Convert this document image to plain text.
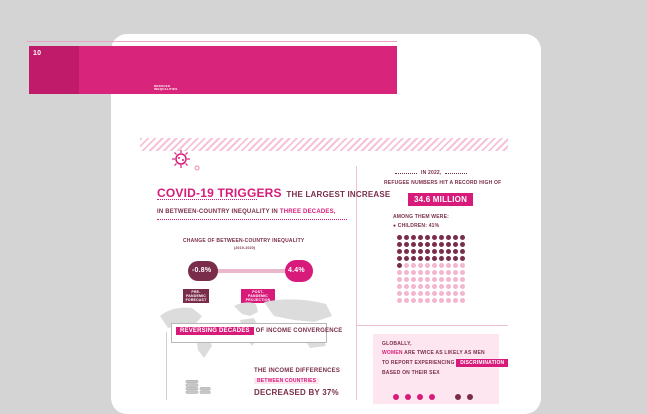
10
REDUCED INEQUALITIES
REDUCE INEQUALITY WITHIN AND
AMONG COUNTRIES
COVID-19 TRIGGERS THE LARGEST INCREASE
IN BETWEEN-COUNTRY INEQUALITY IN THREE DECADES,
CHANGE OF BETWEEN-COUNTRY INEQUALITY
(2019-2020)
-0.8%	4.4%
PRE-PANDEMIC FORECAST
POST-PANDEMIC PROJECTION
REVERSING DECADES OF INCOME CONVERGENCE
THE INCOME DIFFERENCES
BETWEEN COUNTRIES
DECREASED BY 37%
IN 2022,
REFUGEE NUMBERS HIT A RECORD HIGH OF
34.6 MILLION
AMONG THEM WERE:
● CHILDREN: 41%
GLOBALLY,
WOMEN ARE TWICE AS LIKELY AS MEN
TO REPORT EXPERIENCING DISCRIMINATION
BASED ON THEIR SEX
